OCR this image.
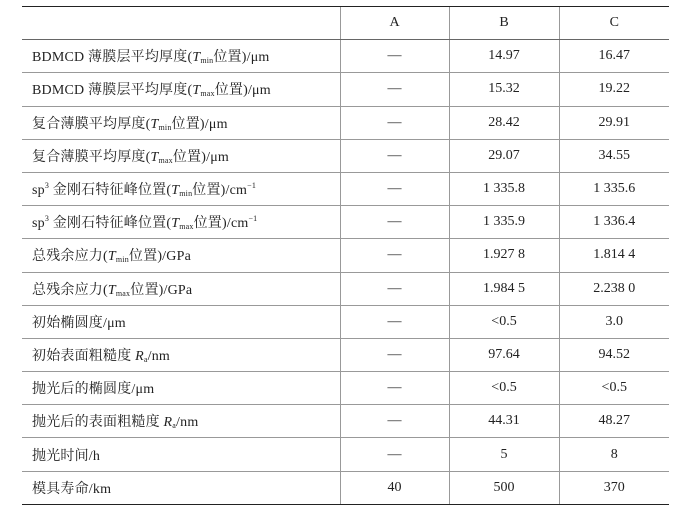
	A	B	C
BDMCD 薄膜层平均厚度(Tmin位置)/μm	—	14.97	16.47
BDMCD 薄膜层平均厚度(Tmax位置)/μm	—	15.32	19.22
复合薄膜平均厚度(Tmin位置)/μm	—	28.42	29.91
复合薄膜平均厚度(Tmax位置)/μm	—	29.07	34.55
$sp^3$ 金刚石特征峰位置(Tmin位置)$/cm^{-1}$	—	1 335.8	1 335.6
$sp^3$ 金刚石特征峰位置(Tmax位置)$/cm^{-1}$	—	1 335.9	1 336.4
总残余应力(Tmin位置)/GPa	—	1.927 8	1.814 4
总残余应力(Tmax位置)/GPa	—	1.984 5	2.238 0
初始椭圆度/μm	—	<0.5	3.0
初始表面粗糙度 Ra/nm	—	97.64	94.52
抛光后的椭圆度/μm	—	<0.5	<0.5
抛光后的表面粗糙度 Ra/nm	—	44.31	48.27
抛光时间/h	—	5	8
模具寿命/km	40	500	370
